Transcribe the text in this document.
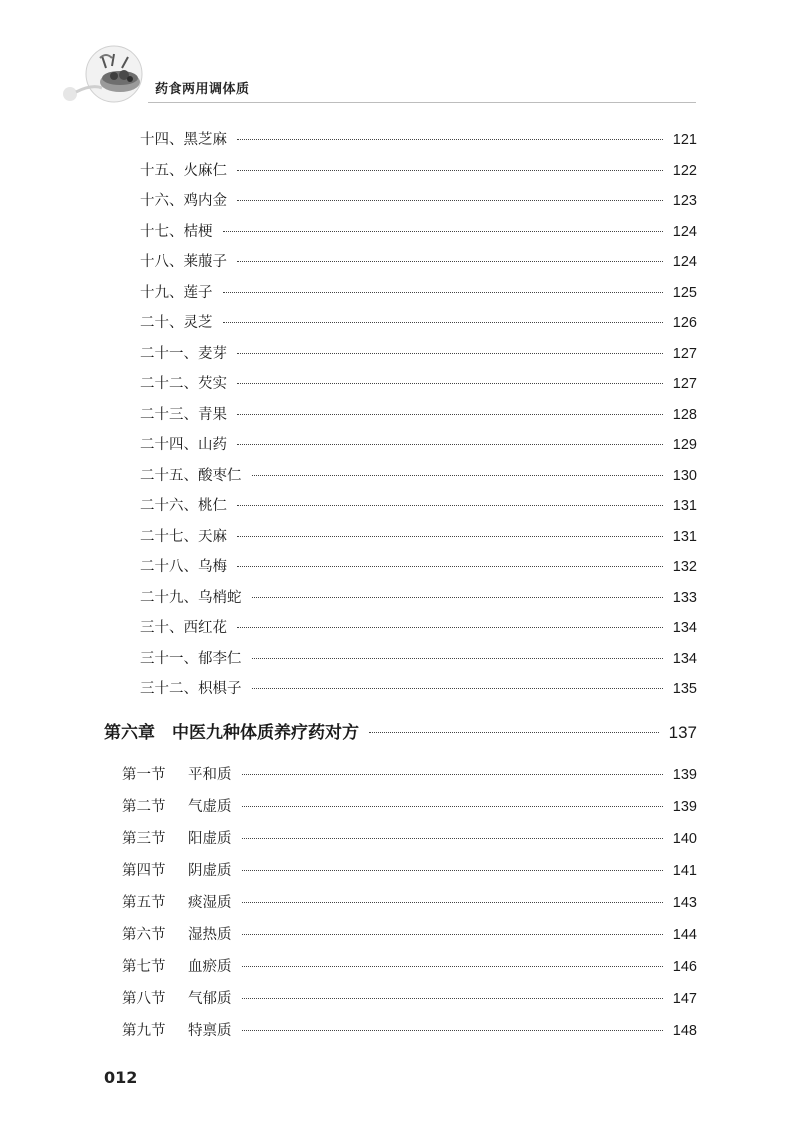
药食两用调体质
十四、黑芝麻	121
十五、火麻仁	122
十六、鸡内金	123
十七、桔梗	124
十八、莱菔子	124
十九、莲子	125
二十、灵芝	126
二十一、麦芽	127
二十二、芡实	127
二十三、青果	128
二十四、山药	129
二十五、酸枣仁	130
二十六、桃仁	131
二十七、天麻	131
二十八、乌梅	132
二十九、乌梢蛇	133
三十、西红花	134
三十一、郁李仁	134
三十二、枳椇子	135
第六章　中医九种体质养疗药对方	137
第一节 平和质	139
第二节 气虚质	139
第三节 阳虚质	140
第四节 阴虚质	141
第五节 痰湿质	143
第六节 湿热质	144
第七节 血瘀质	146
第八节 气郁质	147
第九节 特禀质	148
012
